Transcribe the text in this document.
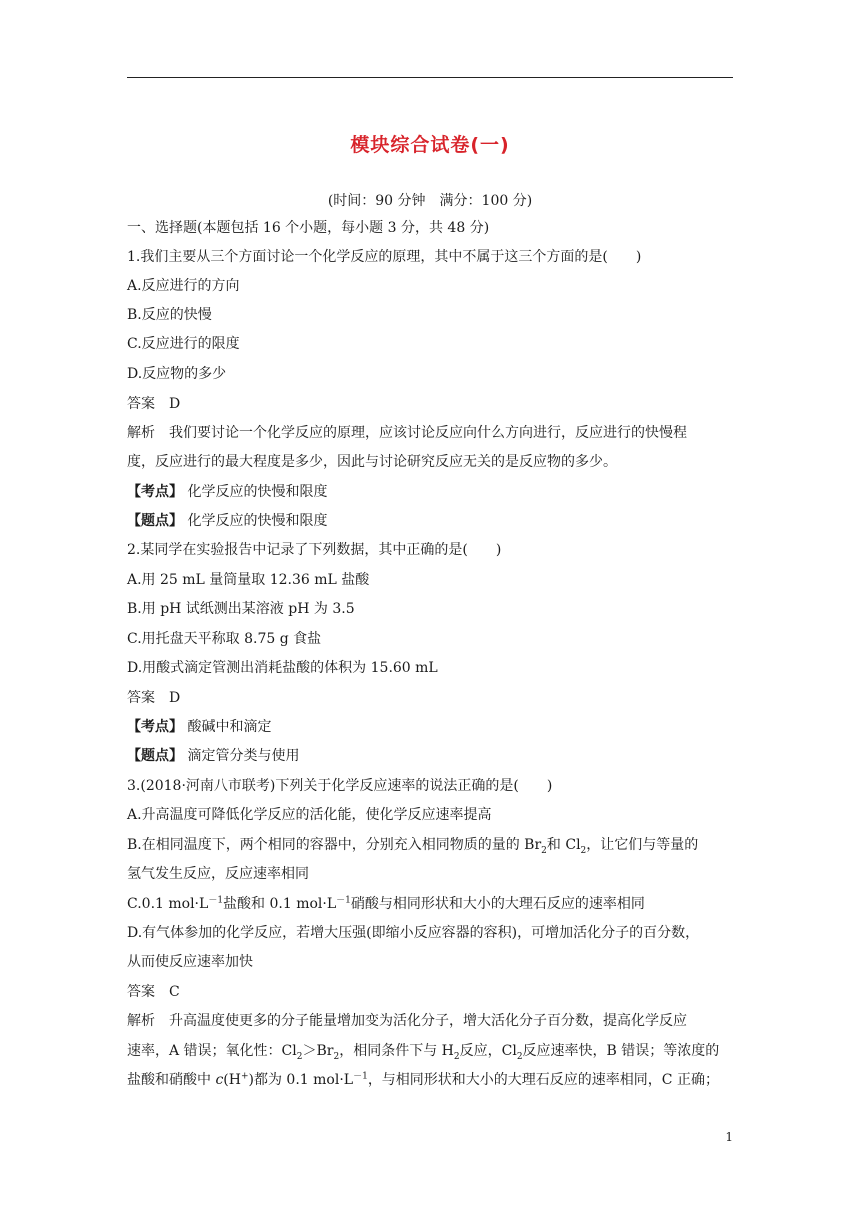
模块综合试卷(一)
(时间：90 分钟　满分：100 分)
一、选择题(本题包括 16 个小题，每小题 3 分，共 48 分)
1.我们主要从三个方面讨论一个化学反应的原理，其中不属于这三个方面的是(　　)
A.反应进行的方向
B.反应的快慢
C.反应进行的限度
D.反应物的多少
答案　D
解析　我们要讨论一个化学反应的原理，应该讨论反应向什么方向进行，反应进行的快慢程
度，反应进行的最大程度是多少，因此与讨论研究反应无关的是反应物的多少。
【考点】 化学反应的快慢和限度
【题点】 化学反应的快慢和限度
2.某同学在实验报告中记录了下列数据，其中正确的是(　　)
A.用 25 mL 量筒量取 12.36 mL 盐酸
B.用 pH 试纸测出某溶液 pH 为 3.5
C.用托盘天平称取 8.75 g 食盐
D.用酸式滴定管测出消耗盐酸的体积为 15.60 mL
答案　D
【考点】 酸碱中和滴定
【题点】 滴定管分类与使用
3.(2018·河南八市联考)下列关于化学反应速率的说法正确的是(　　)
A.升高温度可降低化学反应的活化能，使化学反应速率提高
B.在相同温度下，两个相同的容器中，分别充入相同物质的量的 $Br_2$和 $Cl_2$，让它们与等量的
氢气发生反应，反应速率相同
C.0.1 $mol\cdot L^{-1}$盐酸和 0.1 $mol\cdot L^{-1}$硝酸与相同形状和大小的大理石反应的速率相同
D.有气体参加的化学反应，若增大压强(即缩小反应容器的容积)，可增加活化分子的百分数，
从而使反应速率加快
答案　C
解析　升高温度使更多的分子能量增加变为活化分子，增大活化分子百分数，提高化学反应
速率，A 错误；氧化性：$Cl_2>Br_2$，相同条件下与 $H_2$反应，$Cl_2$反应速率快，B 错误；等浓度的
盐酸和硝酸中 c(H+)都为 0.1 $mol\cdot L^{-1}$，与相同形状和大小的大理石反应的速率相同，C 正确；
1
